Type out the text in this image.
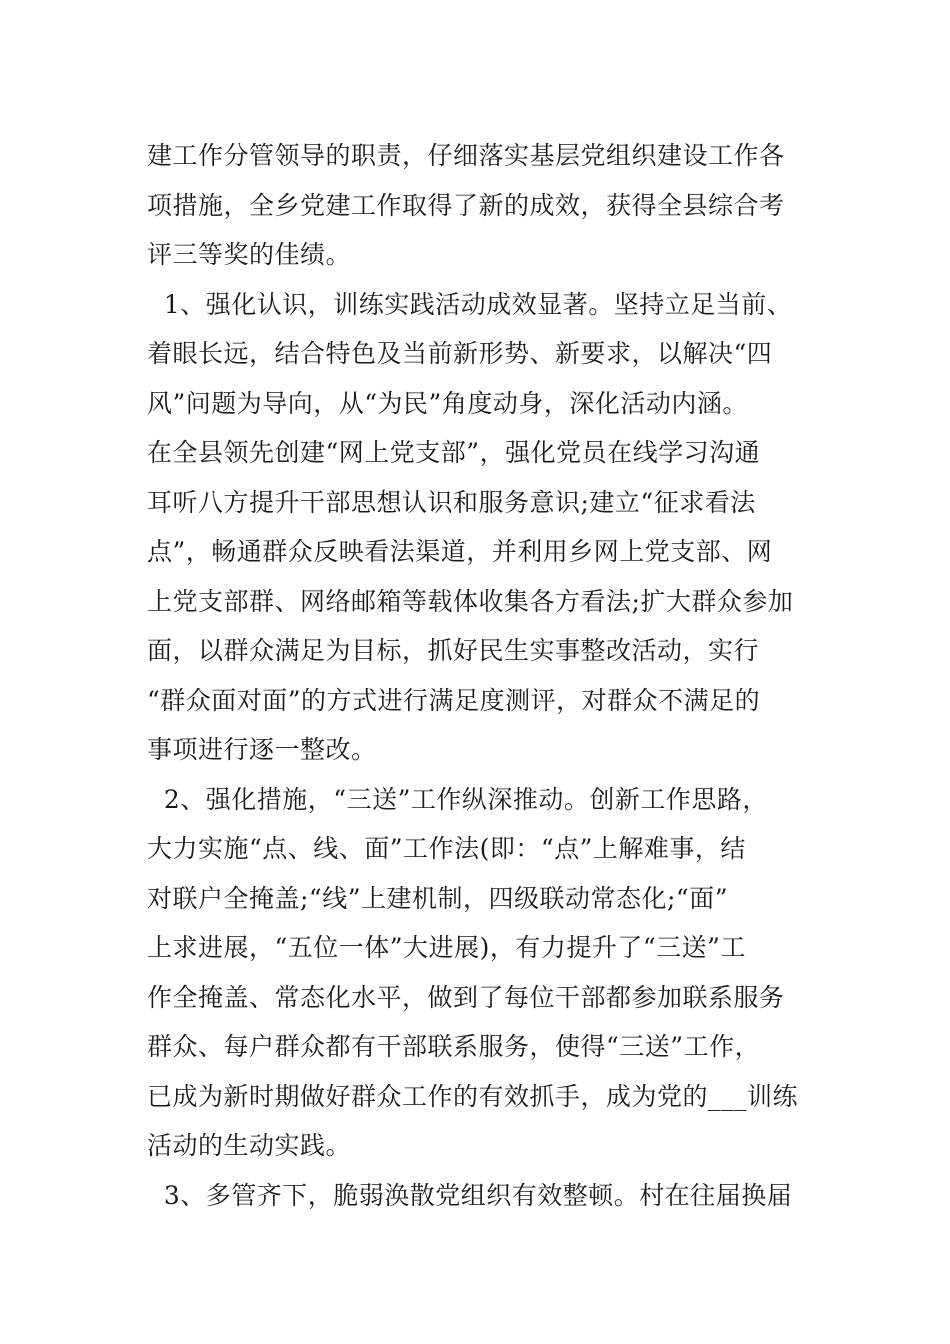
建工作分管领导的职责，仔细落实基层党组织建设工作各
项措施，全乡党建工作取得了新的成效，获得全县综合考
评三等奖的佳绩。
1、强化认识，训练实践活动成效显著。坚持立足当前、
着眼长远，结合特色及当前新形势、新要求，以解决“四
风”问题为导向，从“为民”角度动身，深化活动内涵。
在全县领先创建“网上党支部”，强化党员在线学习沟通
耳听八方提升干部思想认识和服务意识;建立“征求看法
点”，畅通群众反映看法渠道，并利用乡网上党支部、网
上党支部群、网络邮箱等载体收集各方看法;扩大群众参加
面，以群众满足为目标，抓好民生实事整改活动，实行
“群众面对面”的方式进行满足度测评，对群众不满足的
事项进行逐一整改。
2、强化措施，“三送”工作纵深推动。创新工作思路，
大力实施“点、线、面”工作法(即：“点”上解难事，结
对联户全掩盖;“线”上建机制，四级联动常态化;“面”
上求进展，“五位一体”大进展)，有力提升了“三送”工
作全掩盖、常态化水平，做到了每位干部都参加联系服务
群众、每户群众都有干部联系服务，使得“三送”工作，
已成为新时期做好群众工作的有效抓手，成为党的___训练
活动的生动实践。
3、多管齐下，脆弱涣散党组织有效整顿。村在往届换届
